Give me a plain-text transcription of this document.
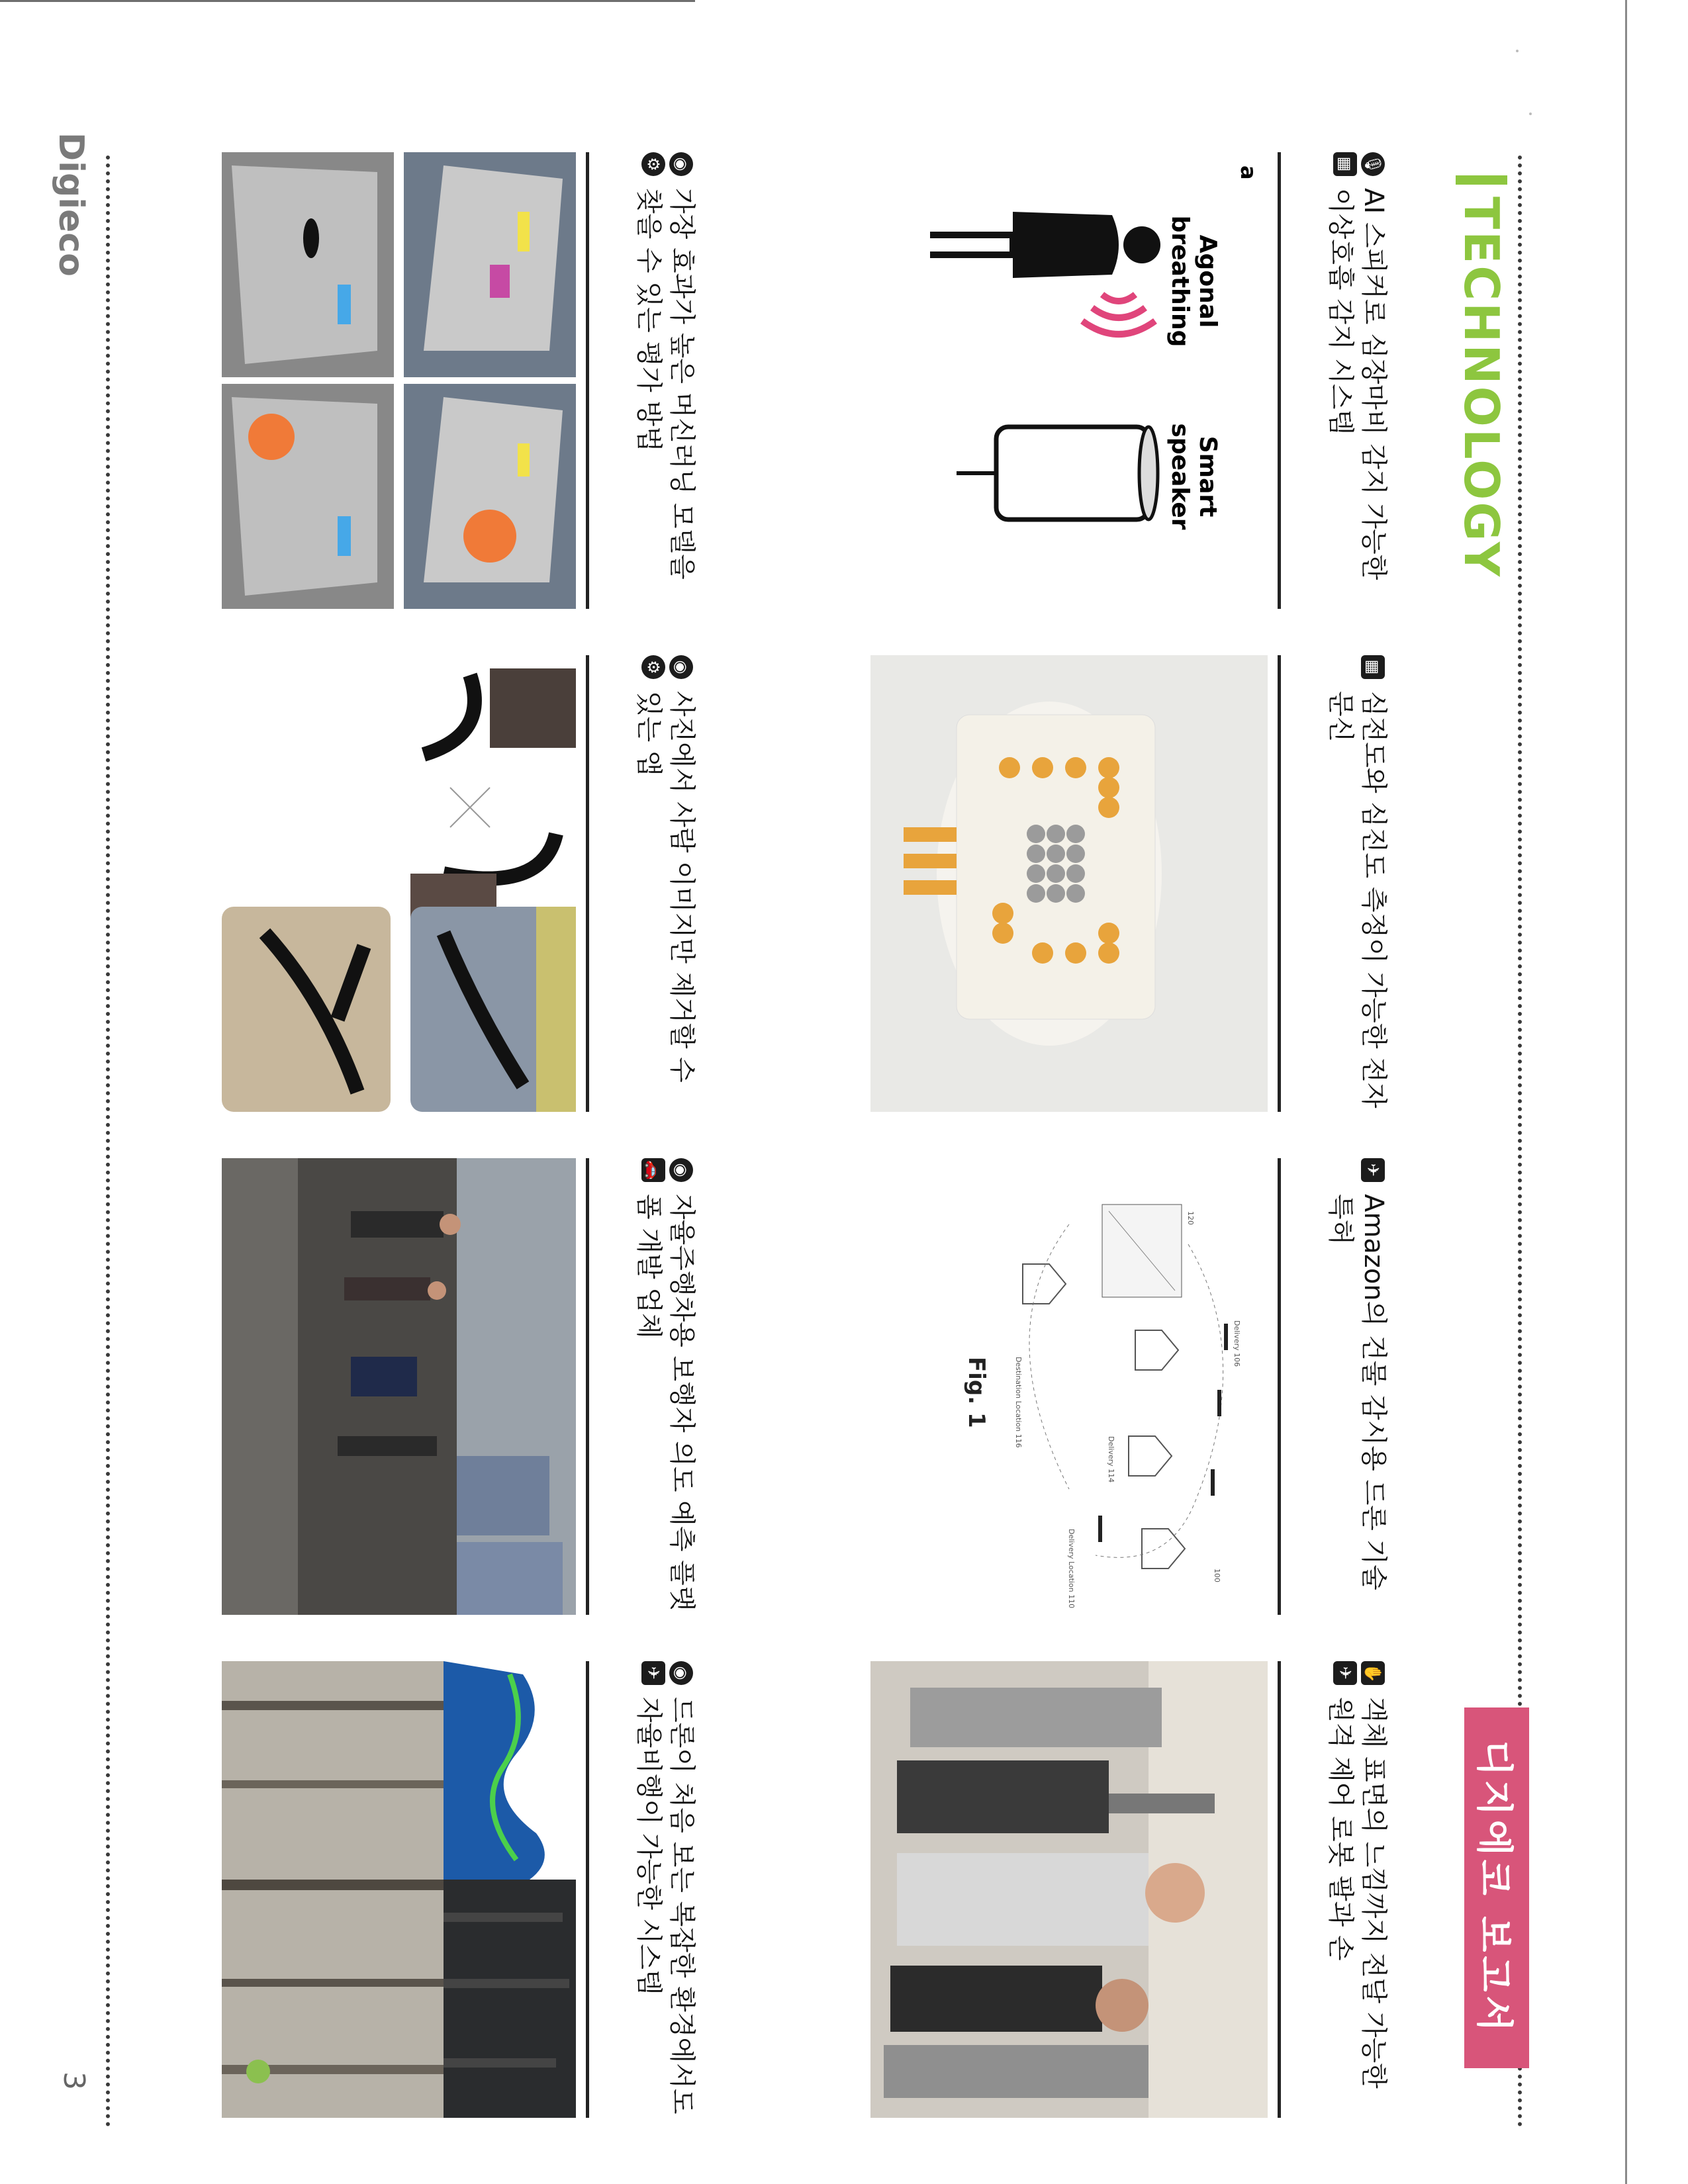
Digieco
3
TECHNOLOGY
디지에코 보고서
🎙
▦
AI 스피커로 심장마비 감지 가능한 이상호흡 감지 시스템
a
Agonal breathing
Smart speaker
▦
심전도와 심진도 측정이 가능한 전자 문신
✈
Amazon의 건물 감시용 드론 기술 특허
120
Delivery 106
Delivery Location 110
Delivery 114
Destination Location 116
100
Fig. 1
✋
✈
객체 표면의 느낌까지 전달 가능한 원격 제어 로봇 팔과 손
◉
⚙
가장 효과가 높은 머신러닝 모델을 찾을 수 있는 평가 방법
◉
⚙
사진에서 사람 이미지만 제거할 수 있는 앱
◉
🚗
자율주행차용 보행자 의도 예측 플랫폼 개발 업체
◉
✈
드론이 처음 보는 복잡한 환경에서도 자율비행이 가능한 시스템
